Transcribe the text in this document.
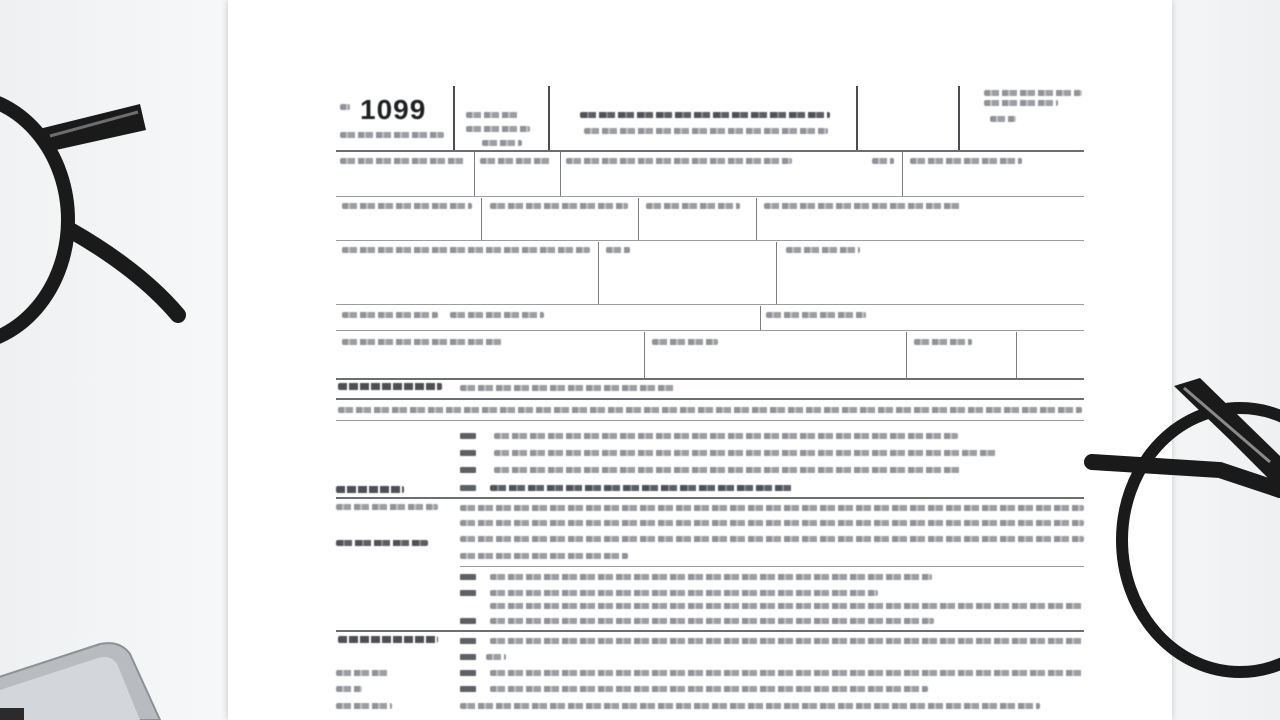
1099
